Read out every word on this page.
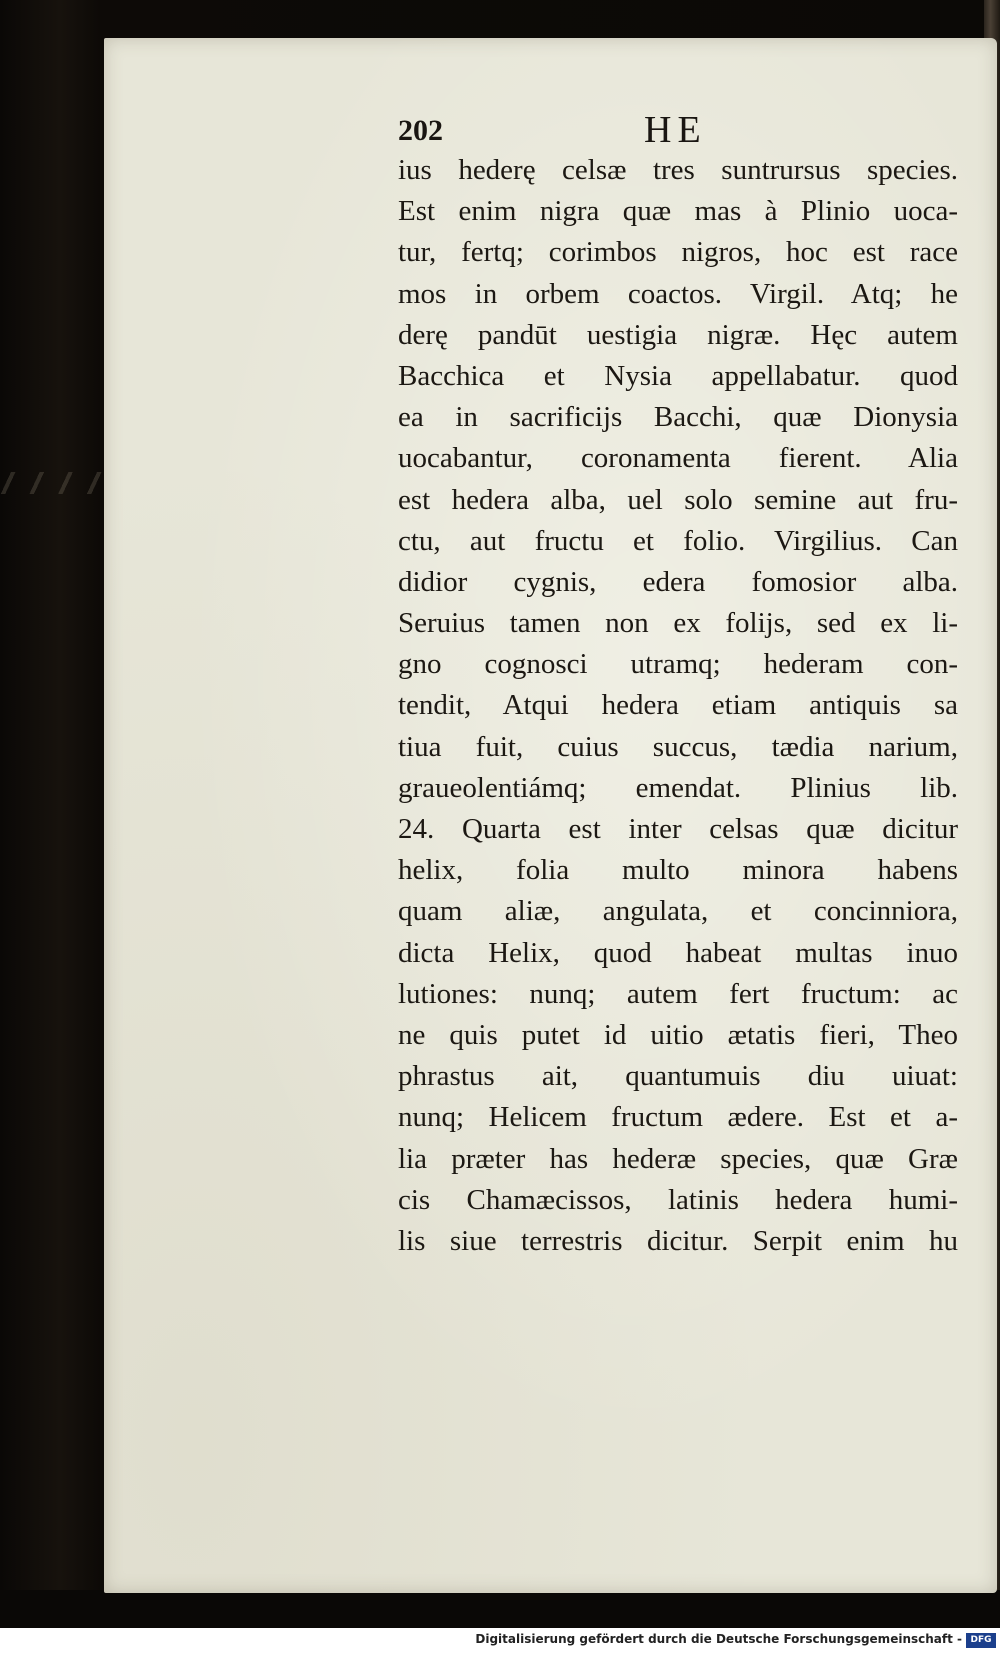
202	HE
ius hederę celsæ tres suntrursus species.
Est enim nigra quæ mas à Plinio uoca-
tur, fertq; corimbos nigros, hoc est race
mos in orbem coactos. Virgil. Atq; he
derę pandūt uestigia nigræ. Hęc autem
Bacchica et Nysia appellabatur. quod
ea in sacrificijs Bacchi, quæ Dionysia
uocabantur, coronamenta fierent. Alia
est hedera alba, uel solo semine aut fru-
ctu, aut fructu et folio. Virgilius. Can
didior cygnis, edera fomosior alba.
Seruius tamen non ex folijs, sed ex li-
gno cognosci utramq; hederam con-
tendit, Atqui hedera etiam antiquis sa
tiua fuit, cuius succus, tædia narium,
graueolentiámq; emendat. Plinius lib.
24. Quarta est inter celsas quæ dicitur
helix, folia multo minora habens
quam aliæ, angulata, et concinniora,
dicta Helix, quod habeat multas inuo
lutiones: nunq; autem fert fructum: ac
ne quis putet id uitio ætatis fieri, Theo
phrastus ait, quantumuis diu uiuat:
nunq; Helicem fructum ædere. Est et a-
lia præter has hederæ species, quæ Græ
cis Chamæcissos, latinis hedera humi-
lis siue terrestris dicitur. Serpit enim hu
Digitalisierung gefördert durch die Deutsche Forschungsgemeinschaft - DFG
